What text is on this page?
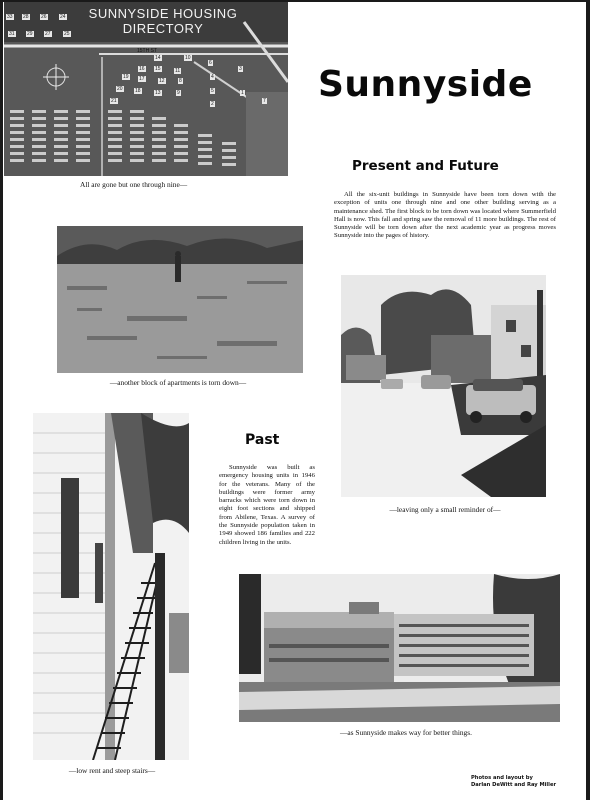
SUNNYSIDE HOUSING
DIRECTORY
15TH ST
33 28 26	24
31 29 27	25
14	10
16 15	11
6
3
19 17	12	8
4
20 18	13	9	5	1
21	2	7
All are gone but one through nine—
Sunnyside
Present and Future
All the six-unit buildings in Sunnyside have been torn down with the exception of units one through nine and one other building serving as a maintenance shed. The first block to be torn down was located where Summerfield Hall is now. This fall and spring saw the removal of 11 more buildings. The rest of Sunnyside will be torn down after the next academic year as progress moves Sunnyside into the pages of history.
—another block of apartments is torn down—
—leaving only a small reminder of—
—low rent and steep stairs—
Past
Sunnyside was built as emergency housing units in 1946 for the veterans. Many of the buildings were former army barracks which were torn down in eight foot sections and shipped from Abilene, Texas. A survey of the Sunnyside population taken in 1949 showed 186 families and 222 children living in the units.
—as Sunnyside makes way for better things.
Photos and layout by
Darlan DeWitt and Ray Miller
